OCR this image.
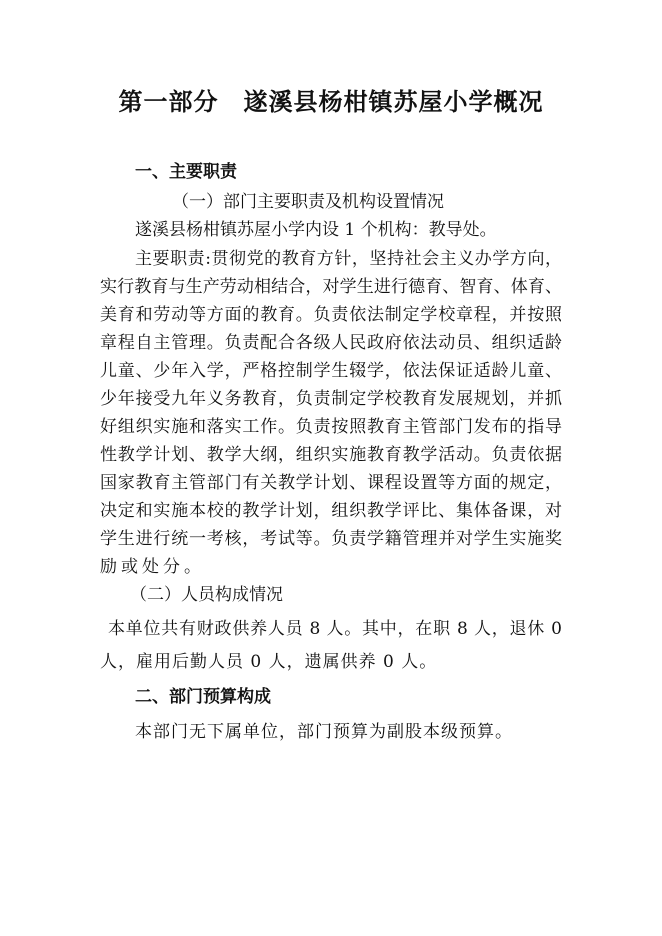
第一部分　遂溪县杨柑镇苏屋小学概况
一、主要职责
（一）部门主要职责及机构设置情况
遂溪县杨柑镇苏屋小学内设 1 个机构：教导处。
主要职责:贯彻党的教育方针，坚持社会主义办学方向，
实行教育与生产劳动相结合，对学生进行德育、智育、体育、
美育和劳动等方面的教育。负责依法制定学校章程，并按照
章程自主管理。负责配合各级人民政府依法动员、组织适龄
儿童、少年入学，严格控制学生辍学，依法保证适龄儿童、
少年接受九年义务教育，负责制定学校教育发展规划，并抓
好组织实施和落实工作。负责按照教育主管部门发布的指导
性教学计划、教学大纲，组织实施教育教学活动。负责依据
国家教育主管部门有关教学计划、课程设置等方面的规定，
决定和实施本校的教学计划，组织教学评比、集体备课，对
学生进行统一考核，考试等。负责学籍管理并对学生实施奖
励或处分。
（二）人员构成情况
本单位共有财政供养人员 8 人。其中，在职 8 人，退休 0
人，雇用后勤人员 0 人，遗属供养 0 人。
二、部门预算构成
本部门无下属单位，部门预算为副股本级预算。
